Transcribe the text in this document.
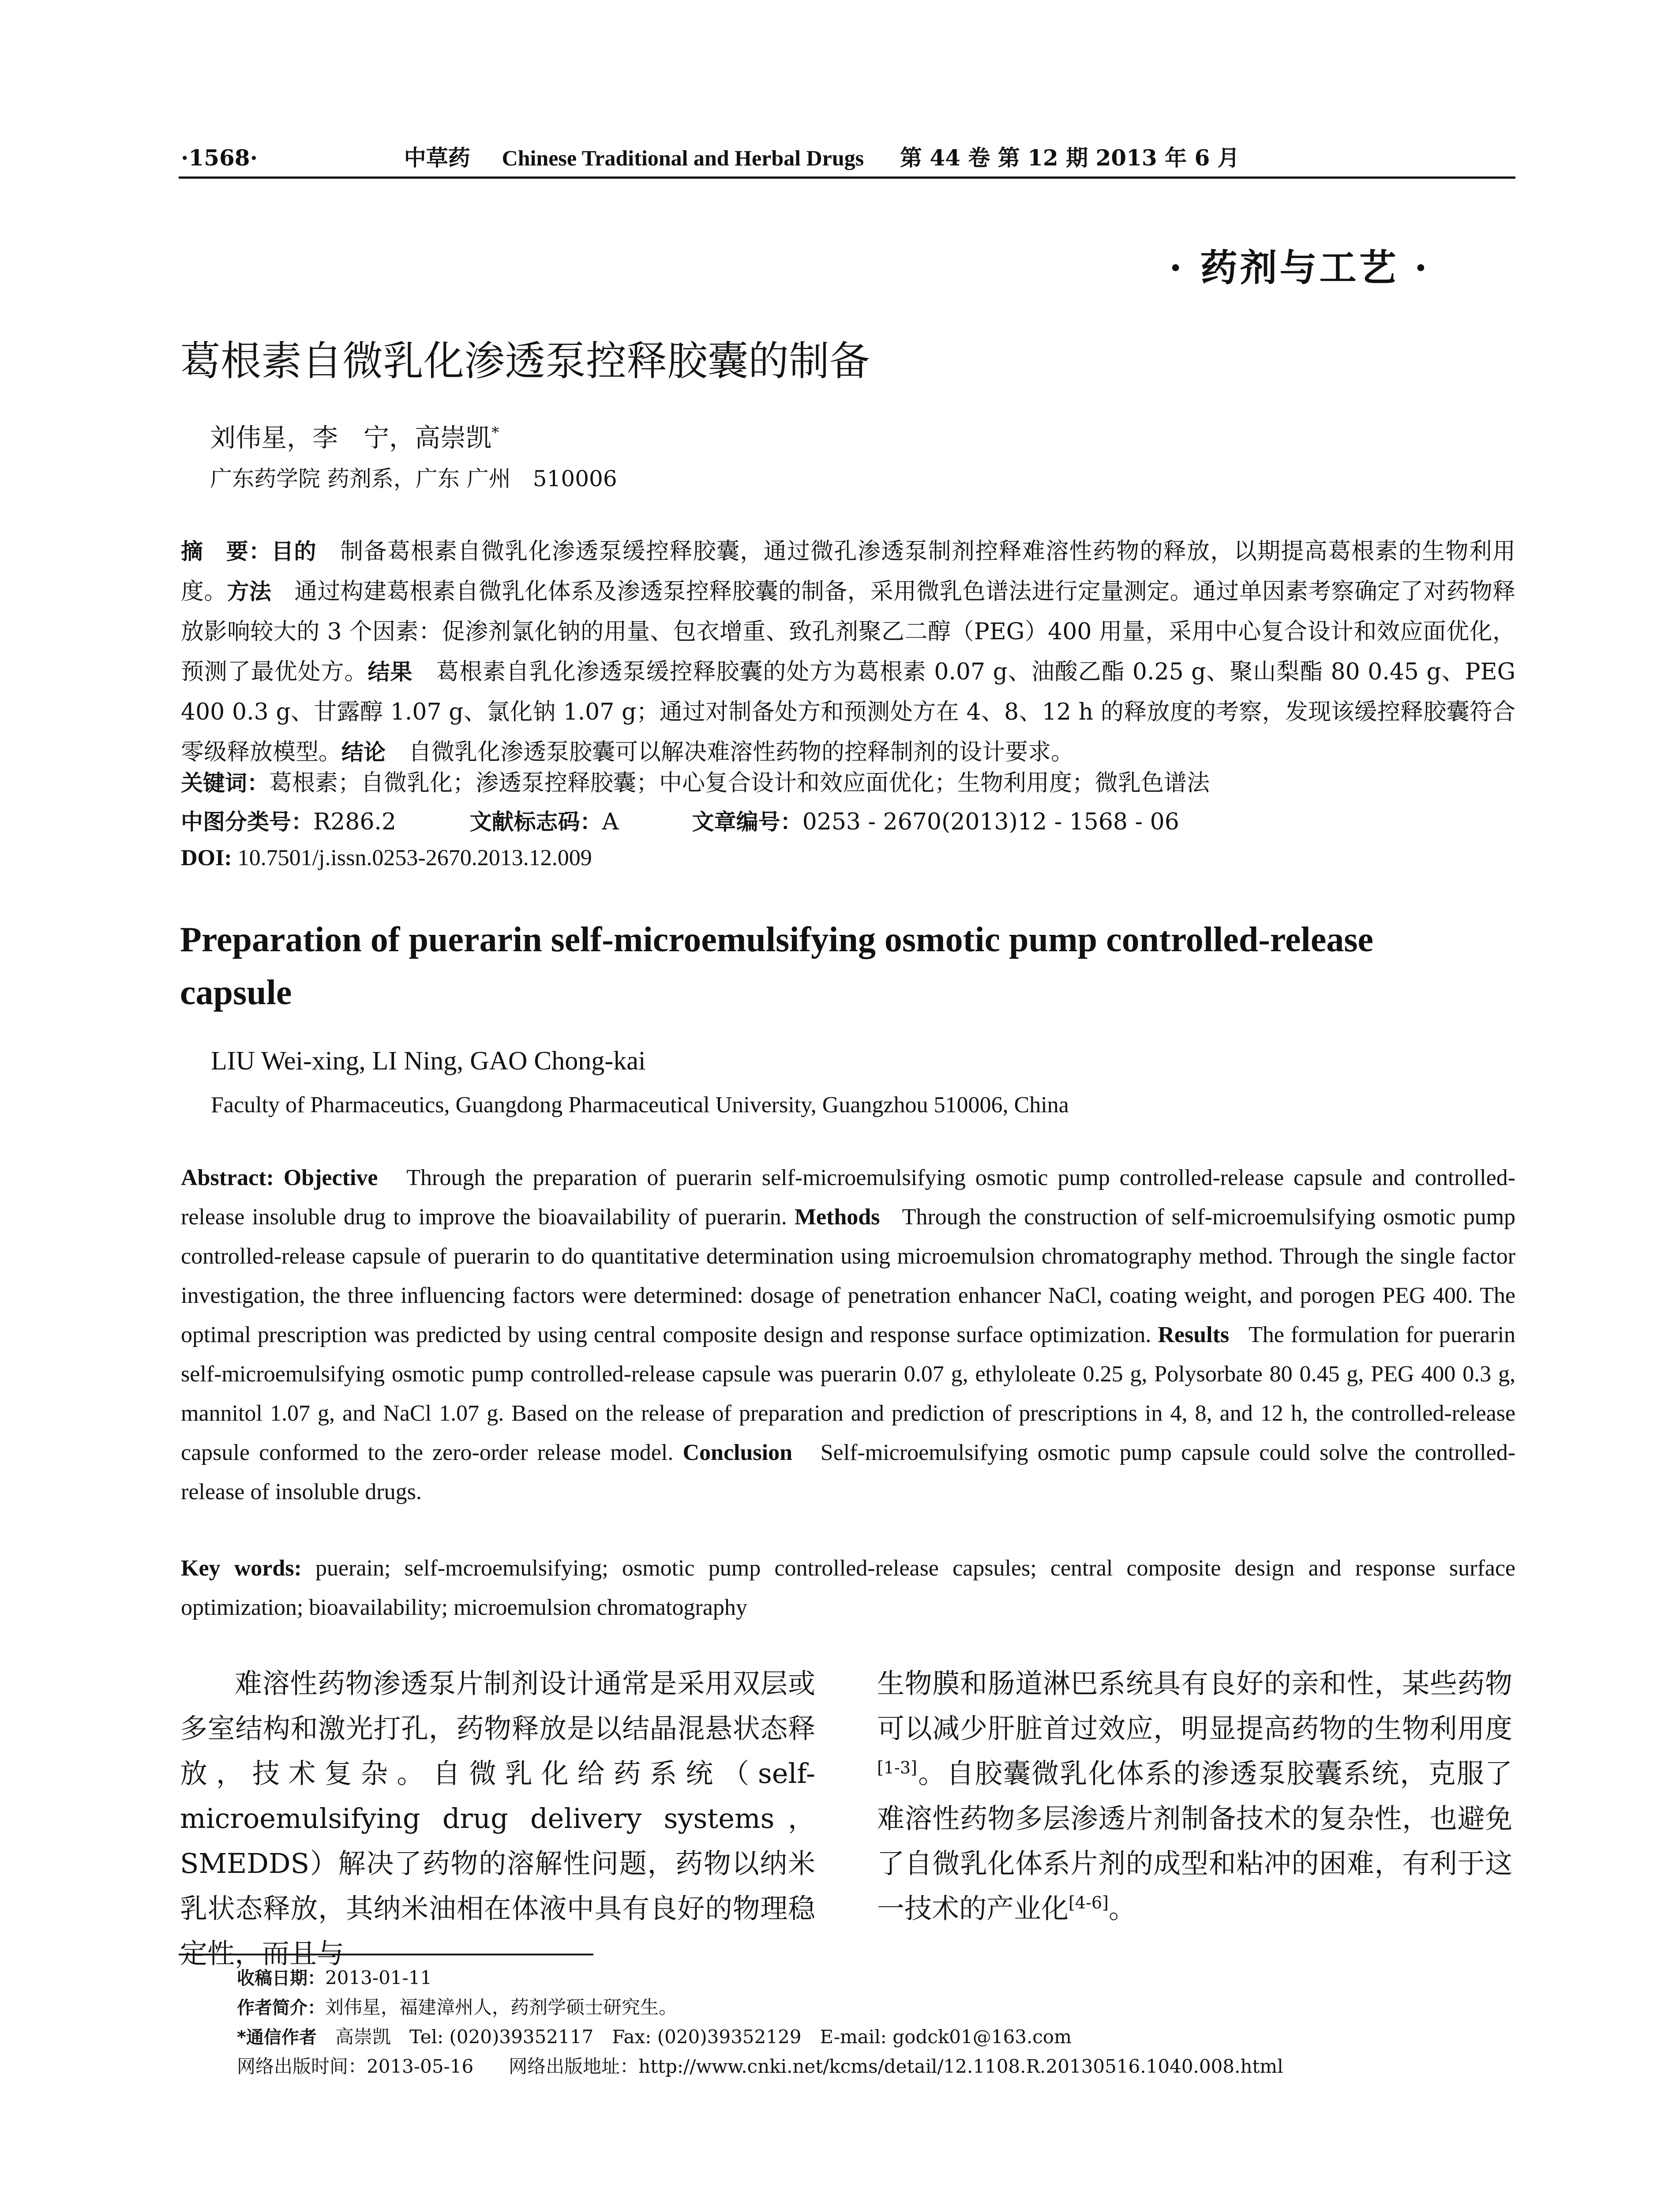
·1568·	中草药 Chinese Traditional and Herbal Drugs 第 44 卷 第 12 期 2013 年 6 月
· 药剂与工艺 ·
葛根素自微乳化渗透泵控释胶囊的制备
刘伟星，李　宁，高崇凯*
广东药学院 药剂系，广东 广州　510006
摘　要：目的　 制备葛根素自微乳化渗透泵缓控释胶囊，通过微孔渗透泵制剂控释难溶性药物的释放，以期提高葛根素的生物利用度。方法　 通过构建葛根素自微乳化体系及渗透泵控释胶囊的制备，采用微乳色谱法进行定量测定。通过单因素考察确定了对药物释放影响较大的 3 个因素：促渗剂氯化钠的用量、包衣增重、致孔剂聚乙二醇（PEG）400 用量，采用中心复合设计和效应面优化，预测了最优处方。结果　 葛根素自乳化渗透泵缓控释胶囊的处方为葛根素 0.07 g、油酸乙酯 0.25 g、聚山梨酯 80 0.45 g、PEG 400 0.3 g、甘露醇 1.07 g、氯化钠 1.07 g；通过对制备处方和预测处方在 4、8、12 h 的释放度的考察，发现该缓控释胶囊符合零级释放模型。结论　 自微乳化渗透泵胶囊可以解决难溶性药物的控释制剂的设计要求。
关键词：葛根素；自微乳化；渗透泵控释胶囊；中心复合设计和效应面优化；生物利用度；微乳色谱法
中图分类号：R286.2	文献标志码：A	文章编号：0253 - 2670(2013)12 - 1568 - 06
DOI: 10.7501/j.issn.0253-2670.2013.12.009
Preparation of puerarin self-microemulsifying osmotic pump controlled-release capsule
LIU Wei-xing, LI Ning, GAO Chong-kai
Faculty of Pharmaceutics, Guangdong Pharmaceutical University, Guangzhou 510006, China
Abstract: Objective Through the preparation of puerarin self-microemulsifying osmotic pump controlled-release capsule and controlled-release insoluble drug to improve the bioavailability of puerarin. Methods Through the construction of self-microemulsifying osmotic pump controlled-release capsule of puerarin to do quantitative determination using microemulsion chromatography method. Through the single factor investigation, the three influencing factors were determined: dosage of penetration enhancer NaCl, coating weight, and porogen PEG 400. The optimal prescription was predicted by using central composite design and response surface optimization. Results The formulation for puerarin self-microemulsifying osmotic pump controlled-release capsule was puerarin 0.07 g, ethyloleate 0.25 g, Polysorbate 80 0.45 g, PEG 400 0.3 g, mannitol 1.07 g, and NaCl 1.07 g. Based on the release of preparation and prediction of prescriptions in 4, 8, and 12 h, the controlled-release capsule conformed to the zero-order release model. Conclusion Self-microemulsifying osmotic pump capsule could solve the controlled-release of insoluble drugs.
Key words: puerain; self-mcroemulsifying; osmotic pump controlled-release capsules; central composite design and response surface optimization; bioavailability; microemulsion chromatography
难溶性药物渗透泵片制剂设计通常是采用双层或多室结构和激光打孔，药物释放是以结晶混悬状态释放，技术复杂。自微乳化给药系统（self-microemulsifying drug delivery systems，SMEDDS）解决了药物的溶解性问题，药物以纳米乳状态释放，其纳米油相在体液中具有良好的物理稳定性，而且与
生物膜和肠道淋巴系统具有良好的亲和性，某些药物可以减少肝脏首过效应，明显提高药物的生物利用度[1-3]。自胶囊微乳化体系的渗透泵胶囊系统，克服了难溶性药物多层渗透片剂制备技术的复杂性，也避免了自微乳化体系片剂的成型和粘冲的困难，有利于这一技术的产业化[4-6]。
收稿日期：2013-01-11
作者简介：刘伟星，福建漳州人，药剂学硕士研究生。
*通信作者　 高崇凯　Tel: (020)39352117　Fax: (020)39352129　E-mail: godck01@163.com
网络出版时间：2013-05-16 网络出版地址：http://www.cnki.net/kcms/detail/12.1108.R.20130516.1040.008.html
